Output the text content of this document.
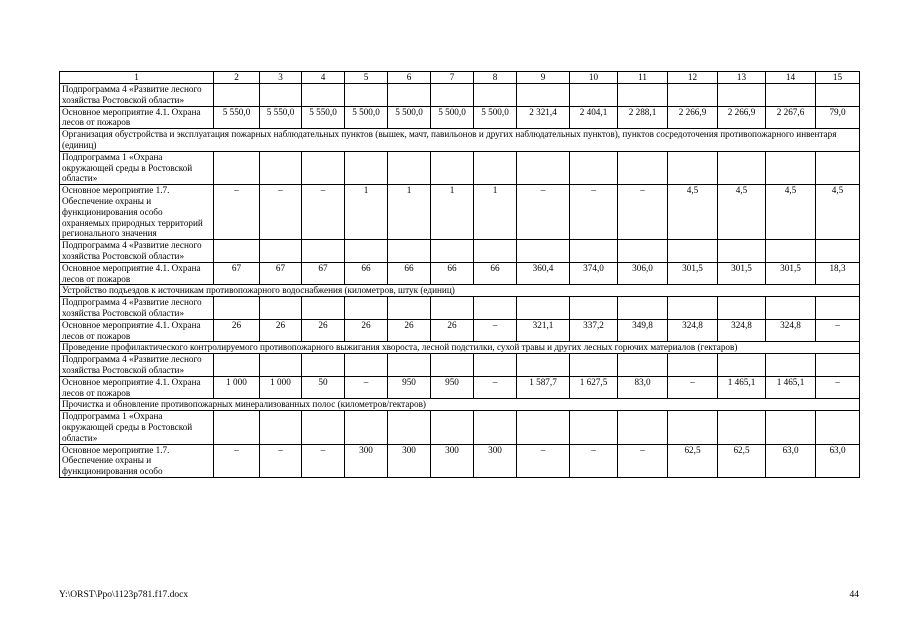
1	2	3	4	5	6	7	8	9	10	11	12	13	14	15
Подпрограмма 4 «Развитие лесного хозяйства Ростовской области»														
Основное мероприятие 4.1. Охрана лесов от пожаров	5 550,0	5 550,0	5 550,0	5 500,0	5 500,0	5 500,0	5 500,0	2 321,4	2 404,1	2 288,1	2 266,9	2 266,9	2 267,6	79,0
Организация обустройства и эксплуатация пожарных наблюдательных пунктов (вышек, мачт, павильонов и других наблюдательных пунктов), пунктов сосредоточения противопожарного инвентаря (единиц)														
Подпрограмма 1 «Охрана окружающей среды в Ростовской области»														
Основное мероприятие 1.7. Обеспечение охраны и функционирования особо охраняемых природных территорий регионального значения	–	–	–	1	1	1	1	–	–	–	4,5	4,5	4,5	4,5
Подпрограмма 4 «Развитие лесного хозяйства Ростовской области»														
Основное мероприятие 4.1. Охрана лесов от пожаров	67	67	67	66	66	66	66	360,4	374,0	306,0	301,5	301,5	301,5	18,3
Устройство подъездов к источникам противопожарного водоснабжения (километров, штук (единиц)														
Подпрограмма 4 «Развитие лесного хозяйства Ростовской области»														
Основное мероприятие 4.1. Охрана лесов от пожаров	26	26	26	26	26	26	–	321,1	337,2	349,8	324,8	324,8	324,8	–
Проведение профилактического контролируемого противопожарного выжигания хвороста, лесной подстилки, сухой травы и других лесных горючих материалов (гектаров)														
Подпрограмма 4 «Развитие лесного хозяйства Ростовской области»														
Основное мероприятие 4.1. Охрана лесов от пожаров	1 000	1 000	50	–	950	950	–	1 587,7	1 627,5	83,0	–	1 465,1	1 465,1	–
Прочистка и обновление противопожарных минерализованных полос (километров/гектаров)														
Подпрограмма 1 «Охрана окружающей среды в Ростовской области»														
Основное мероприятие 1.7. Обеспечение охраны и функционирования особо	–	–	–	300	300	300	300	–	–	–	62,5	62,5	63,0	63,0
Y:\ORST\Ppo\1123p781.f17.docx	44
